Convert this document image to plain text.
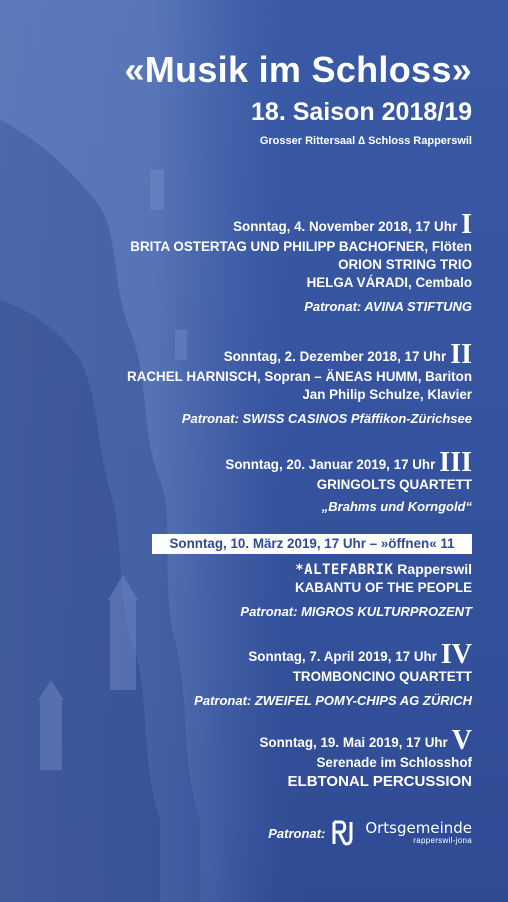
«Musik im Schloss»
18. Saison 2018/19
Grosser Rittersaal ∆ Schloss Rapperswil
Sonntag, 4. November 2018, 17 Uhr I
BRITA OSTERTAG UND PHILIPP BACHOFNER, Flöten
ORION STRING TRIO
HELGA VÁRADI, Cembalo
Patronat: AVINA STIFTUNG
Sonntag, 2. Dezember 2018, 17 Uhr II
RACHEL HARNISCH, Sopran – ÄNEAS HUMM, Bariton
Jan Philip Schulze, Klavier
Patronat: SWISS CASINOS Pfäffikon-Zürichsee
Sonntag, 20. Januar 2019, 17 Uhr III
GRINGOLTS QUARTETT
„Brahms und Korngold“
Sonntag, 10. März 2019, 17 Uhr – »öffnen« 11
*ALTEFABRIK Rapperswil
KABANTU OF THE PEOPLE
Patronat: MIGROS KULTURPROZENT
Sonntag, 7. April 2019, 17 Uhr IV
TROMBONCINO QUARTETT
Patronat: ZWEIFEL POMY-CHIPS AG ZÜRICH
Sonntag, 19. Mai 2019, 17 Uhr V
Serenade im Schlosshof
ELBTONAL PERCUSSION
Patronat:	Ortsgemeinde
rapperswil-jona
